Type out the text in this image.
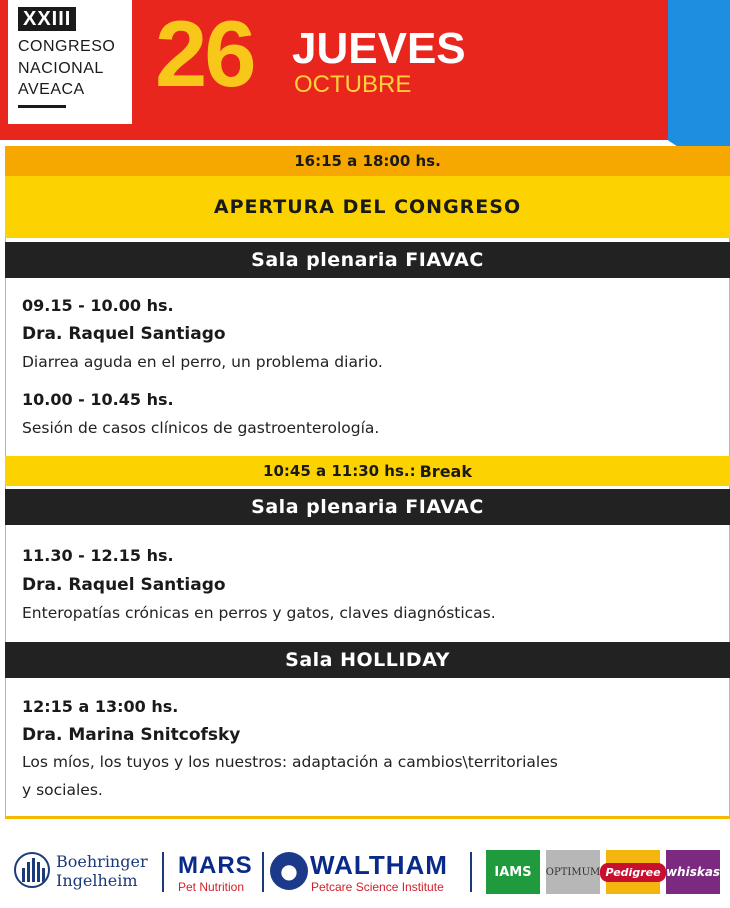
XXIII
CONGRESO
NACIONAL
AVEACA 26 JUEVES
OCTUBRE
16:15 a 18:00 hs.
APERTURA DEL CONGRESO
Sala plenaria FIAVAC
09.15 - 10.00 hs.
Dra. Raquel Santiago
Diarrea aguda en el perro, un problema diario.
10.00 - 10.45 hs.
Sesión de casos clínicos de gastroenterología.
10:45 a 11:30 hs.: Break
Sala plenaria FIAVAC
11.30 - 12.15 hs.
Dra. Raquel Santiago
Enteropatías crónicas en perros y gatos, claves diagnósticas.
Sala HOLLIDAY
12:15 a 13:00 hs.
Dra. Marina Snitcofsky
Los míos, los tuyos y los nuestros: adaptación a cambios\territoriales
y sociales.
Boehringer
Ingelheim
MARS
Pet Nutrition
● WALTHAM
Petcare Science Institute
IAMS	OPTIMUM Pedigree whiskas
